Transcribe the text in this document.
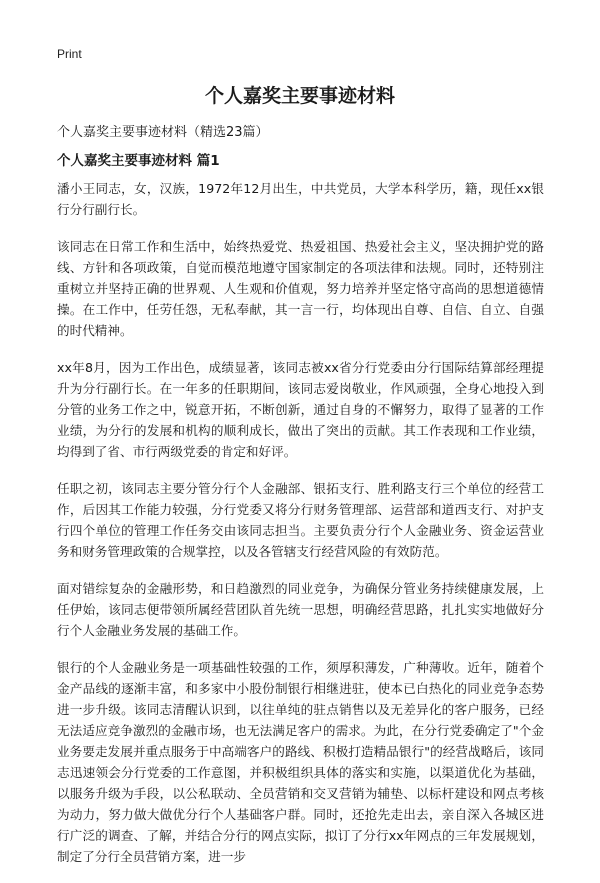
Print
个人嘉奖主要事迹材料
个人嘉奖主要事迹材料（精选23篇）
个人嘉奖主要事迹材料 篇1

潘小王同志，女，汉族，1972年12月出生，中共党员，大学本科学历，籍，现任xx银行分行副行长。

该同志在日常工作和生活中，始终热爱党、热爱祖国、热爱社会主义，坚决拥护党的路线、方针和各项政策，自觉而模范地遵守国家制定的各项法律和法规。同时，还特别注重树立并坚持正确的世界观、人生观和价值观，努力培养并坚定恪守高尚的思想道德情操。在工作中，任劳任怨，无私奉献，其一言一行，均体现出自尊、自信、自立、自强的时代精神。

xx年8月，因为工作出色，成绩显著，该同志被xx省分行党委由分行国际结算部经理提升为分行副行长。在一年多的任职期间，该同志爱岗敬业，作风顽强，全身心地投入到分管的业务工作之中，锐意开拓，不断创新，通过自身的不懈努力，取得了显著的工作业绩，为分行的发展和机构的顺利成长，做出了突出的贡献。其工作表现和工作业绩，均得到了省、市行两级党委的肯定和好评。

任职之初，该同志主要分管分行个人金融部、银拓支行、胜利路支行三个单位的经营工作，后因其工作能力较强，分行党委又将分行财务管理部、运营部和道西支行、对护支行四个单位的管理工作任务交由该同志担当。主要负责分行个人金融业务、资金运营业务和财务管理政策的合规掌控，以及各管辖支行经营风险的有效防范。

面对错综复杂的金融形势，和日趋激烈的同业竞争，为确保分管业务持续健康发展，上任伊始，该同志便带领所属经营团队首先统一思想，明确经营思路，扎扎实实地做好分行个人金融业务发展的基础工作。

银行的个人金融业务是一项基础性较强的工作，须厚积薄发，广种薄收。近年，随着个金产品线的逐渐丰富，和多家中小股份制银行相继进驻，使本已白热化的同业竞争态势进一步升级。该同志清醒认识到，以往单纯的驻点销售以及无差异化的客户服务，已经无法适应竞争激烈的金融市场，也无法满足客户的需求。为此，在分行党委确定了"个金业务要走发展并重点服务于中高端客户的路线、积极打造精品银行"的经营战略后，该同志迅速领会分行党委的工作意图，并积极组织具体的落实和实施，以渠道优化为基础，以服务升级为手段，以公私联动、全员营销和交叉营销为辅垫、以标杆建设和网点考核为动力，努力做大做优分行个人基础客户群。同时，还抢先走出去，亲自深入各城区进行广泛的调查、了解，并结合分行的网点实际，拟订了分行xx年网点的三年发展规划，制定了分行全员营销方案，进一步
